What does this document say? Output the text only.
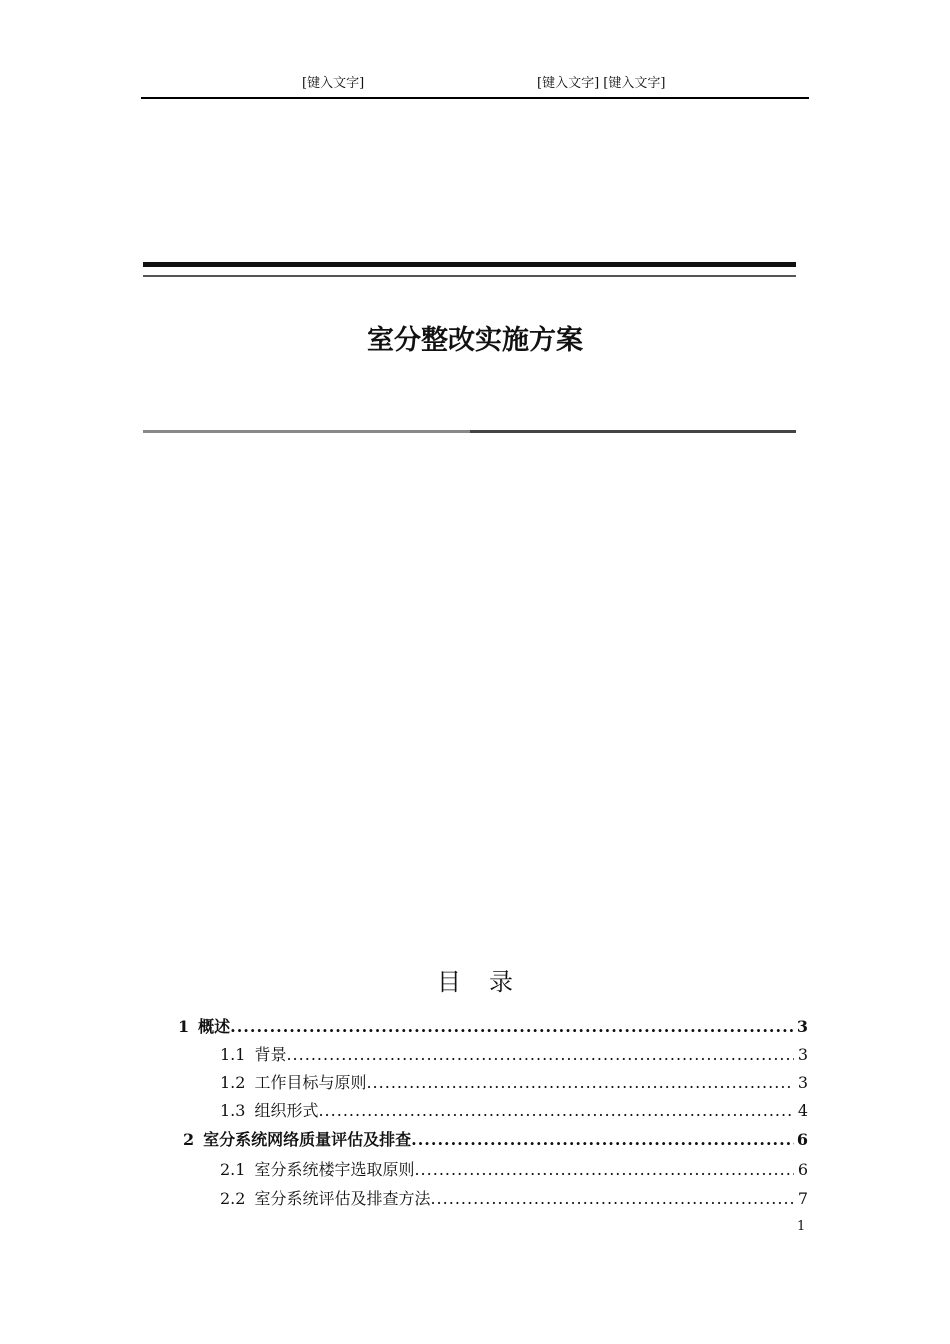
[键入文字]	[键入文字] [键入文字]
室分整改实施方案
目录
1 概述 .....	3
1.1 背景 .....	3
1.2 工作目标与原则 .....	3
1.3 组织形式 .....	4
2 室分系统网络质量评估及排查 .....	6
2.1 室分系统楼宇选取原则 .....	6
2.2 室分系统评估及排查方法 .....	7
1
